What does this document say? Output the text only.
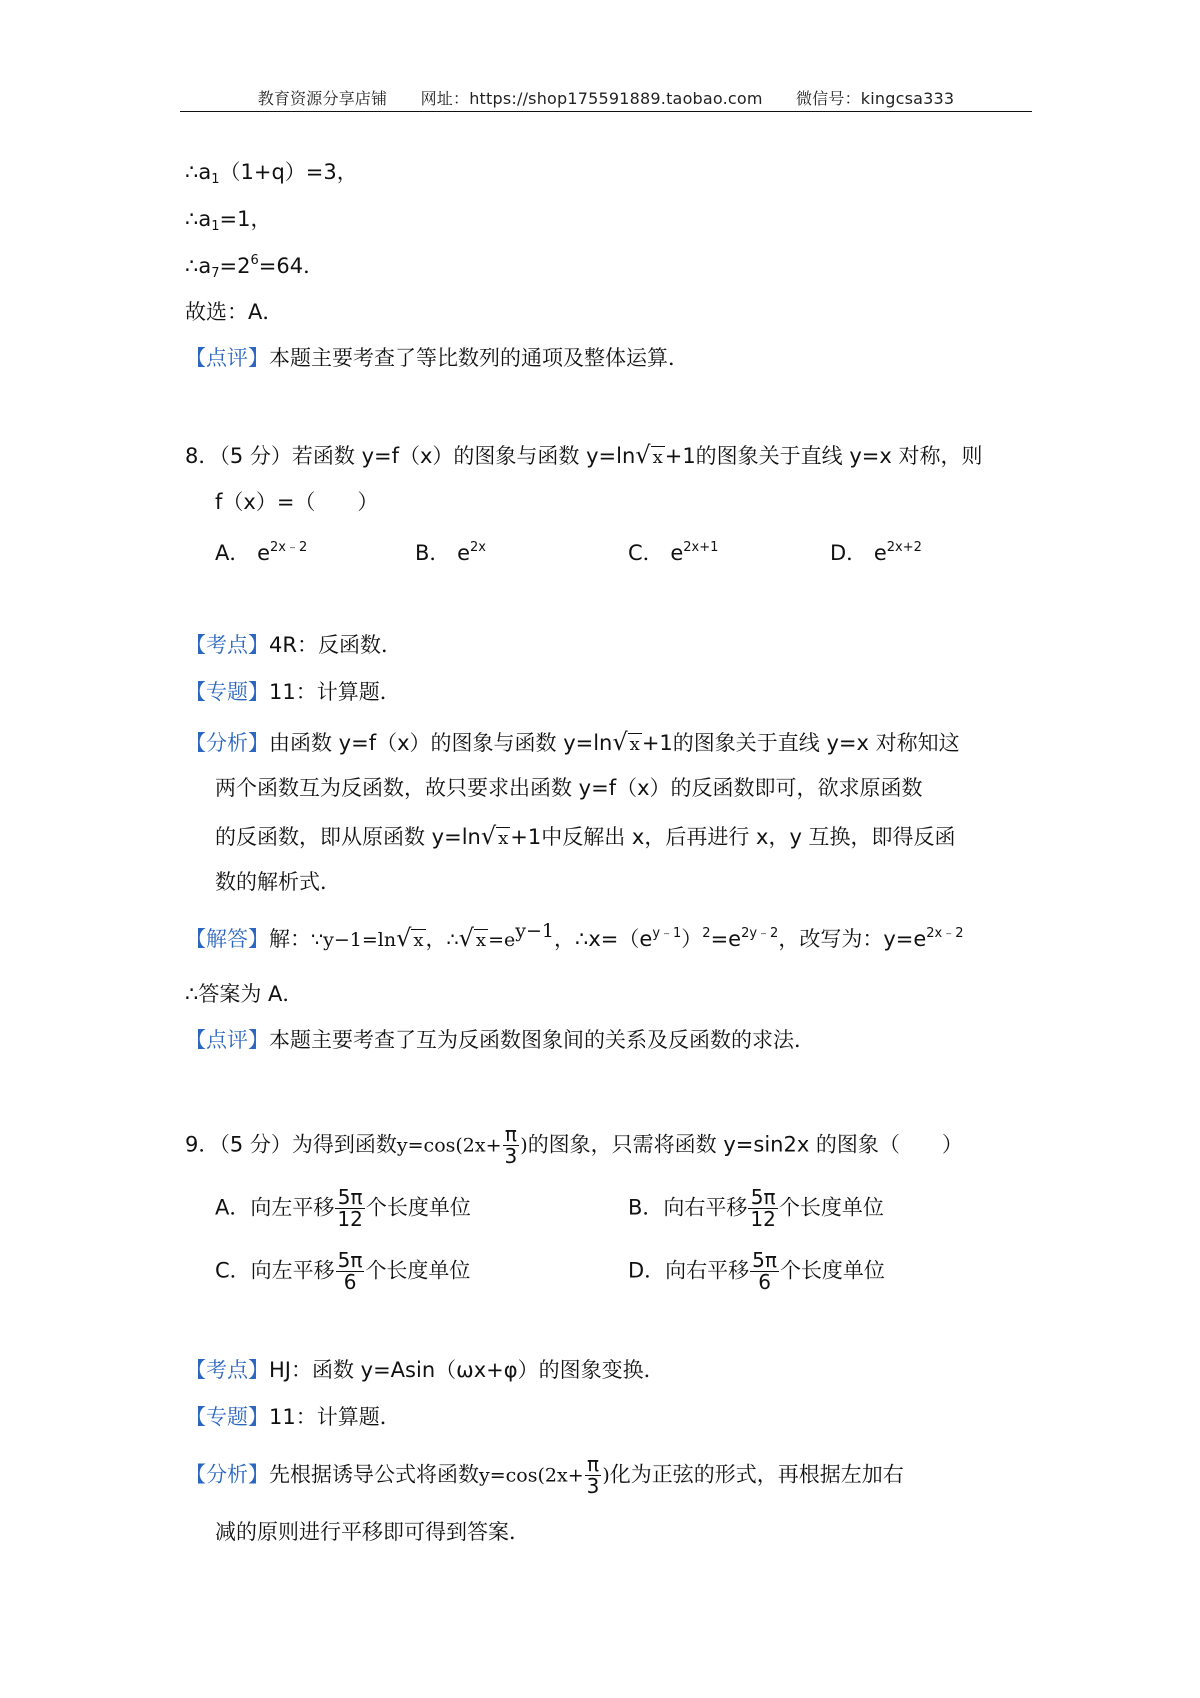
教育资源分享店铺 网址：https://shop175591889.taobao.com 微信号：kingcsa333
$\therefore a_1(1+q)=3$，
$\therefore a_1=1$，
$\therefore a_7=2^6=64$．
故选：A．
【点评】本题主要考查了等比数列的通项及整体运算．
8．（5 分）若函数 y=f（x）的图象与函数 y=ln√ x+1的图象关于直线 y=x 对称，则
f（x）=（　　）
A． $e^{2x﹣2}$	B． $e^{2x}$	C． $e^{2x+1}$	D． $e^{2x+2}$
【考点】4R：反函数．
【专题】11：计算题．
【分析】由函数 y=f（x）的图象与函数 y=ln√ x+1的图象关于直线 y=x 对称知这
两个函数互为反函数，故只要求出函数 y=f（x）的反函数即可，欲求原函数
的反函数，即从原函数 y=ln√ x+1中反解出 x，后再进行 x，y 互换，即得反函
数的解析式．
【解答】解：∵y−1=ln√ x，∴√ $x =e^{y-1}$，$\therefore x=(e^{y﹣1})^2=e^{2y﹣2}$，改写为：$y=e^{2x﹣2}$
∴答案为 A．
【点评】本题主要考查了互为反函数图象间的关系及反函数的求法．
9．（5 分）为得到函数$y=\cos(2x+ \frac{\pi}{3}$ )的图象，只需将函数 y=sin2x 的图象（　　）
A．向左平移 $\frac{5\pi}{12}$ 个长度单位	B．向右平移 $\frac{5\pi}{12}$ 个长度单位
C．向左平移 $\frac{5\pi}{6}$ 个长度单位	D．向右平移 $\frac{5\pi}{6}$ 个长度单位
【考点】HJ：函数 y=Asin（ωx+φ）的图象变换．
【专题】11：计算题．
【分析】先根据诱导公式将函数$y=\cos(2x+ \frac{\pi}{3}$ )化为正弦的形式，再根据左加右
减的原则进行平移即可得到答案．
